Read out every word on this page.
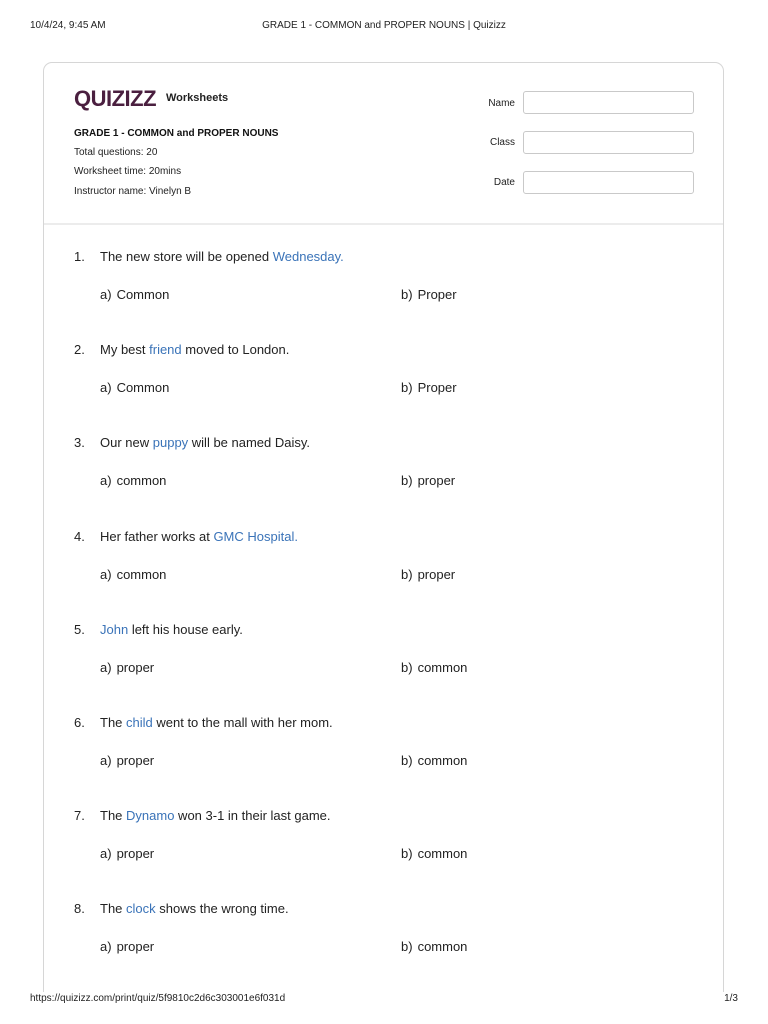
10/4/24, 9:45 AM	GRADE 1 - COMMON and PROPER NOUNS | Quizizz
QUIZIZZ Worksheets
GRADE 1 - COMMON and PROPER NOUNS
Total questions: 20
Worksheet time: 20mins
Instructor name: Vinelyn B
Name
Class
Date
1. The new store will be opened Wednesday.
a) Common	b) Proper
2. My best friend moved to London.
a) Common	b) Proper
3. Our new puppy will be named Daisy.
a) common	b) proper
4. Her father works at GMC Hospital.
a) common	b) proper
5. John left his house early.
a) proper	b) common
6. The child went to the mall with her mom.
a) proper	b) common
7. The Dynamo won 3-1 in their last game.
a) proper	b) common
8. The clock shows the wrong time.
a) proper	b) common
https://quizizz.com/print/quiz/5f9810c2d6c303001e6f031d	1/3
